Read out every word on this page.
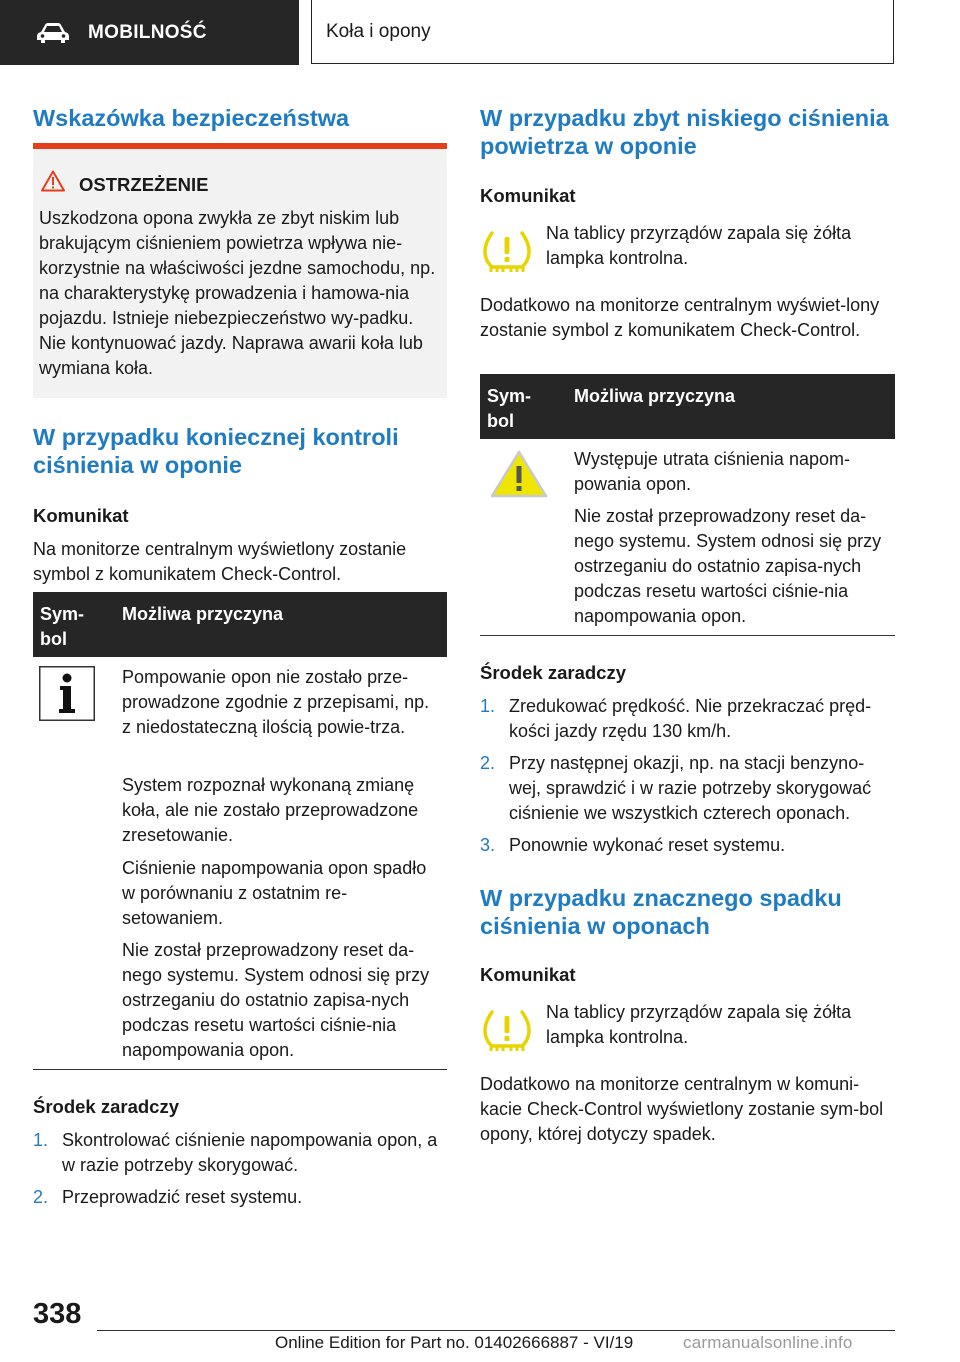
MOBILNOŚĆ	Koła i opony
Wskazówka bezpieczeństwa
OSTRZEŻENIE

Uszkodzona opona zwykła ze zbyt niskim lub brakującym ciśnieniem powietrza wpływa nie-korzystnie na właściwości jezdne samochodu, np. na charakterystykę prowadzenia i hamowa-nia pojazdu. Istnieje niebezpieczeństwo wy-padku. Nie kontynuować jazdy. Naprawa awarii koła lub wymiana koła.

W przypadku koniecznej kontroli ciśnienia w oponie
Komunikat

Na monitorze centralnym wyświetlony zostanie symbol z komunikatem Check-Control.

Sym-bol
Możliwa przyczyna

Pompowanie opon nie zostało prze-prowadzone zgodnie z przepisami, np. z niedostateczną ilością powie-trza.

System rozpoznał wykonaną zmianę koła, ale nie zostało przeprowadzone zresetowanie.

Ciśnienie napompowania opon spadło w porównaniu z ostatnim re-setowaniem.

Nie został przeprowadzony reset da-nego systemu. System odnosi się przy ostrzeganiu do ostatnio zapisa-nych podczas resetu wartości ciśnie-nia napompowania opon.

Środek zaradczy
1. Skontrolować ciśnienie napompowania opon, a w razie potrzeby skorygować.
2. Przeprowadzić reset systemu.
W przypadku zbyt niskiego ciśnienia powietrza w oponie
Komunikat

Na tablicy przyrządów zapala się żółta lampka kontrolna.

Dodatkowo na monitorze centralnym wyświet-lony zostanie symbol z komunikatem Check-Control.

Sym-bol
Możliwa przyczyna

Występuje utrata ciśnienia napom-powania opon.

Nie został przeprowadzony reset da-nego systemu. System odnosi się przy ostrzeganiu do ostatnio zapisa-nych podczas resetu wartości ciśnie-nia napompowania opon.

Środek zaradczy
1. Zredukować prędkość. Nie przekraczać pręd-kości jazdy rzędu 130 km/h.
2. Przy następnej okazji, np. na stacji benzyno-wej, sprawdzić i w razie potrzeby skorygować ciśnienie we wszystkich czterech oponach.
3. Ponownie wykonać reset systemu.
W przypadku znacznego spadku ciśnienia w oponach
Komunikat

Na tablicy przyrządów zapala się żółta lampka kontrolna.

Dodatkowo na monitorze centralnym w komuni-kacie Check-Control wyświetlony zostanie sym-bol opony, której dotyczy spadek.

338
Online Edition for Part no. 01402666887 - VI/19	carmanualsonline.info
